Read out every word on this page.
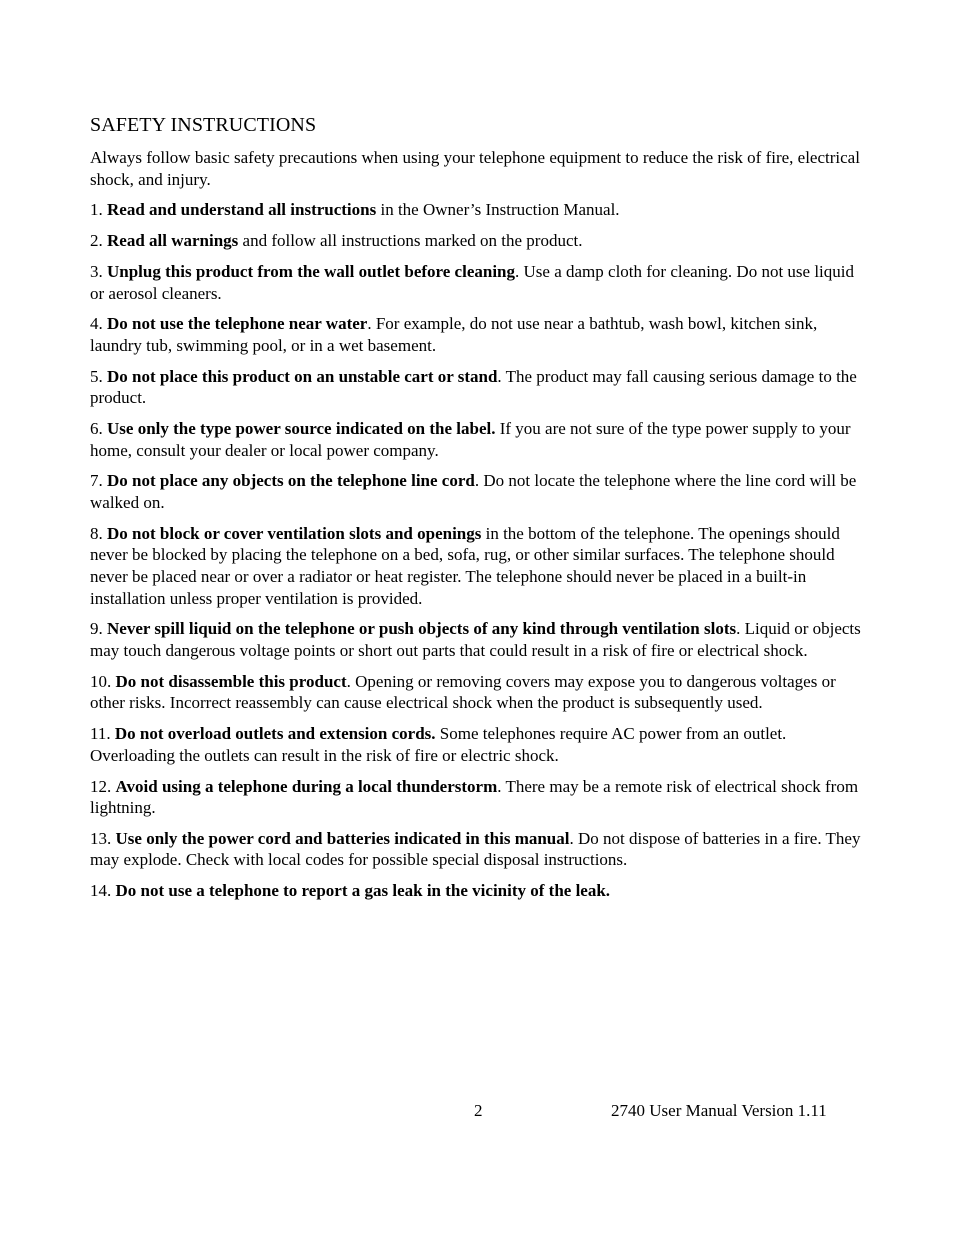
SAFETY INSTRUCTIONS

Always follow basic safety precautions when using your telephone equipment to reduce the risk of fire, electrical shock, and injury.

1. Read and understand all instructions in the Owner’s Instruction Manual.

2. Read all warnings and follow all instructions marked on the product.

3. Unplug this product from the wall outlet before cleaning. Use a damp cloth for cleaning. Do not use liquid or aerosol cleaners.

4. Do not use the telephone near water. For example, do not use near a bathtub, wash bowl, kitchen sink, laundry tub, swimming pool, or in a wet basement.

5. Do not place this product on an unstable cart or stand. The product may fall causing serious damage to the product.

6. Use only the type power source indicated on the label. If you are not sure of the type power supply to your home, consult your dealer or local power company.

7. Do not place any objects on the telephone line cord. Do not locate the telephone where the line cord will be walked on.

8. Do not block or cover ventilation slots and openings in the bottom of the telephone. The openings should never be blocked by placing the telephone on a bed, sofa, rug, or other similar surfaces. The telephone should never be placed near or over a radiator or heat register. The telephone should never be placed in a built-in installation unless proper ventilation is provided.

9. Never spill liquid on the telephone or push objects of any kind through ventilation slots. Liquid or objects may touch dangerous voltage points or short out parts that could result in a risk of fire or electrical shock.

10. Do not disassemble this product. Opening or removing covers may expose you to dangerous voltages or other risks. Incorrect reassembly can cause electrical shock when the product is subsequently used.

11. Do not overload outlets and extension cords. Some telephones require AC power from an outlet. Overloading the outlets can result in the risk of fire or electric shock.

12. Avoid using a telephone during a local thunderstorm. There may be a remote risk of electrical shock from lightning.

13. Use only the power cord and batteries indicated in this manual. Do not dispose of batteries in a fire. They may explode. Check with local codes for possible special disposal instructions.

14. Do not use a telephone to report a gas leak in the vicinity of the leak.

2	2740 User Manual Version 1.11
